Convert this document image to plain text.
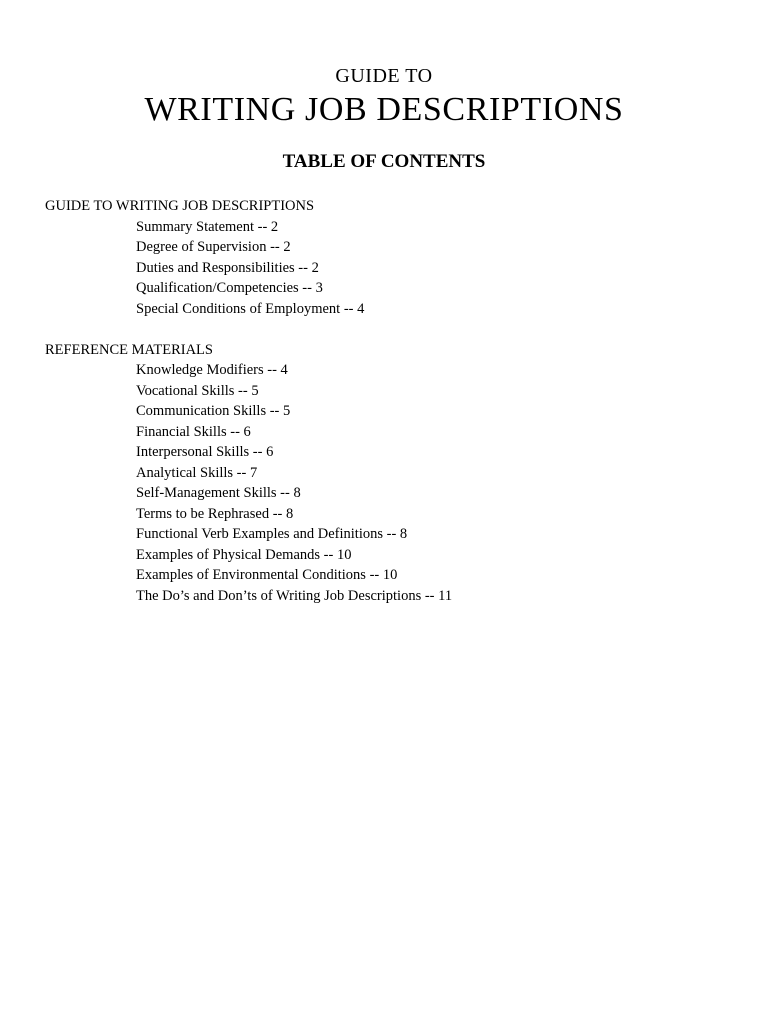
GUIDE TO
WRITING JOB DESCRIPTIONS
TABLE OF CONTENTS
GUIDE TO WRITING JOB DESCRIPTIONS
Summary Statement -- 2
Degree of Supervision -- 2
Duties and Responsibilities -- 2
Qualification/Competencies -- 3
Special Conditions of Employment -- 4
REFERENCE MATERIALS
Knowledge Modifiers -- 4
Vocational Skills -- 5
Communication Skills -- 5
Financial Skills -- 6
Interpersonal Skills -- 6
Analytical Skills -- 7
Self-Management Skills -- 8
Terms to be Rephrased -- 8
Functional Verb Examples and Definitions -- 8
Examples of Physical Demands -- 10
Examples of Environmental Conditions -- 10
The Do’s and Don’ts of Writing Job Descriptions -- 11
